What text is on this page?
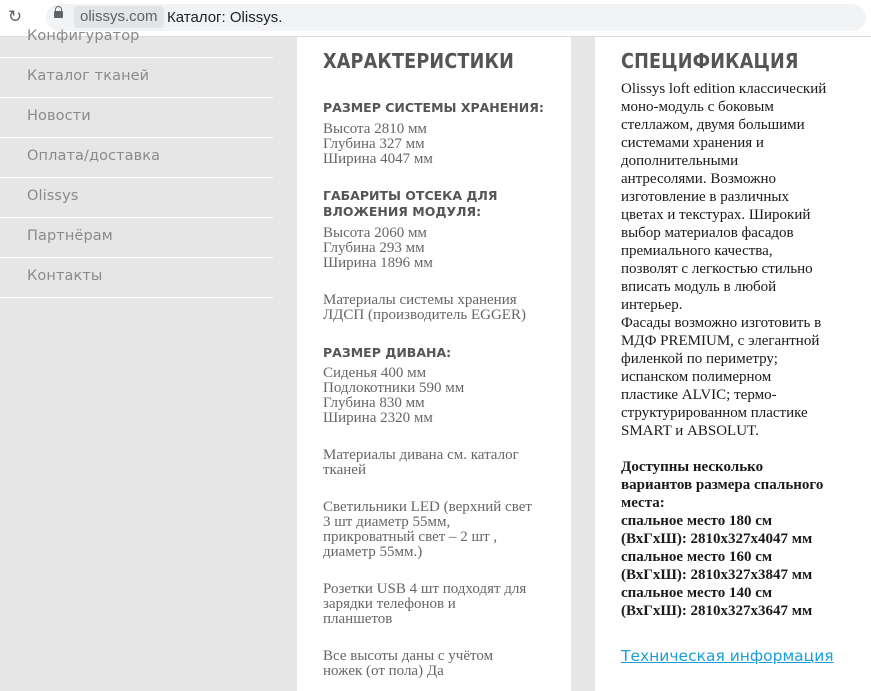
↻	olissys.com Каталог: Olissys.
Конфигуратор
Каталог тканей
Новости
Оплата/доставка
Olissys
Партнёрам
Контакты
ХАРАКТЕРИСТИКИ
РАЗМЕР СИСТЕМЫ ХРАНЕНИЯ:
Высота 2810 мм
Глубина 327 мм
Ширина 4047 мм
ГАБАРИТЫ ОТСЕКА ДЛЯ ВЛОЖЕНИЯ МОДУЛЯ:
Высота 2060 мм
Глубина 293 мм
Ширина 1896 мм
Материалы системы хранения
ЛДСП (производитель EGGER)
РАЗМЕР ДИВАНА:
Сиденья 400 мм
Подлокотники 590 мм
Глубина 830 мм
Ширина 2320 мм
Материалы дивана см. каталог
тканей
Светильники LED (верхний свет
3 шт диаметр 55мм,
прикроватный свет – 2 шт ,
диаметр 55мм.)
Розетки USB 4 шт подходят для
зарядки телефонов и
планшетов
Все высоты даны с учётом
ножек (от пола) Да
СПЕЦИФИКАЦИЯ
Olissys loft edition классический
моно-модуль с боковым
стеллажом, двумя большими
системами хранения и
дополнительными
антресолями. Возможно
изготовление в различных
цветах и текстурах. Широкий
выбор материалов фасадов
премиального качества,
позволят с легкостью стильно
вписать модуль в любой
интерьер.
Фасады возможно изготовить в
МДФ PREMIUM, с элегантной
филенкой по периметру;
испанском полимерном
пластике ALVIC; термо-
структурированном пластике
SMART и ABSOLUT.
Доступны несколько
вариантов размера спального
места:
спальное место 180 см
(ВхГхШ): 2810x327x4047 мм
спальное место 160 см
(ВхГхШ): 2810x327x3847 мм
спальное место 140 см
(ВхГхШ): 2810x327x3647 мм
Техническая информация
